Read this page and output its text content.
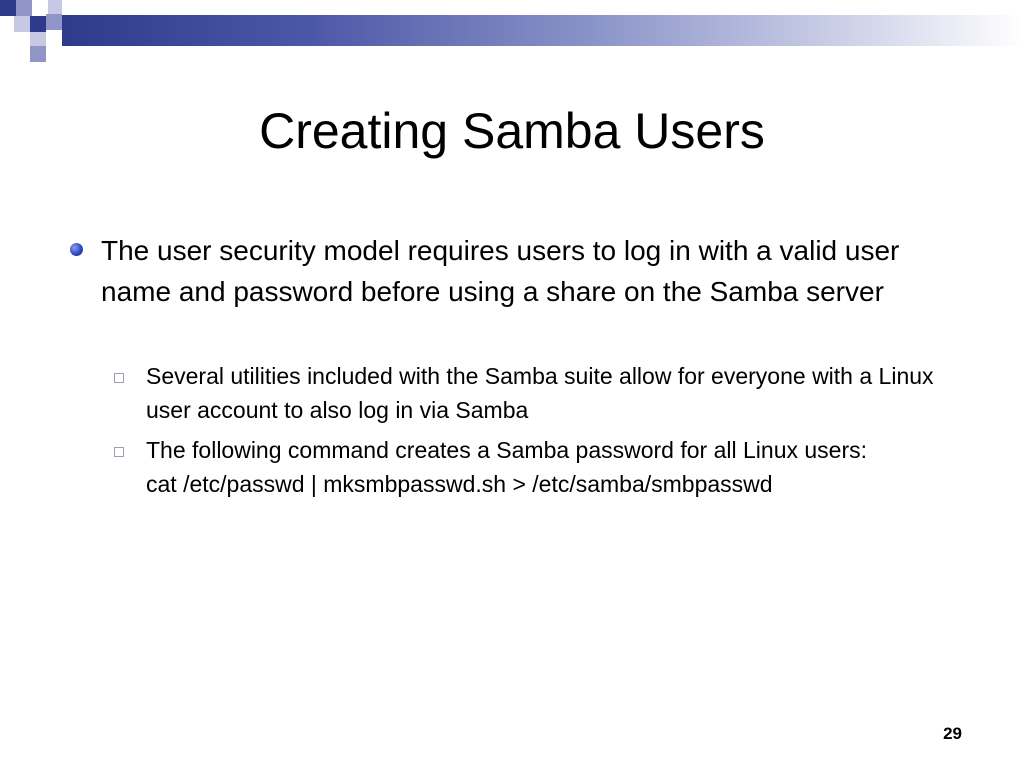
Creating Samba Users
The user security model requires users to log in with a valid user name and password before using a share on the Samba server
Several utilities included with the Samba suite allow for everyone with a Linux user account to also log in via Samba
The following command creates a Samba password for all Linux users:
cat /etc/passwd | mksmbpasswd.sh > /etc/samba/smbpasswd
29
